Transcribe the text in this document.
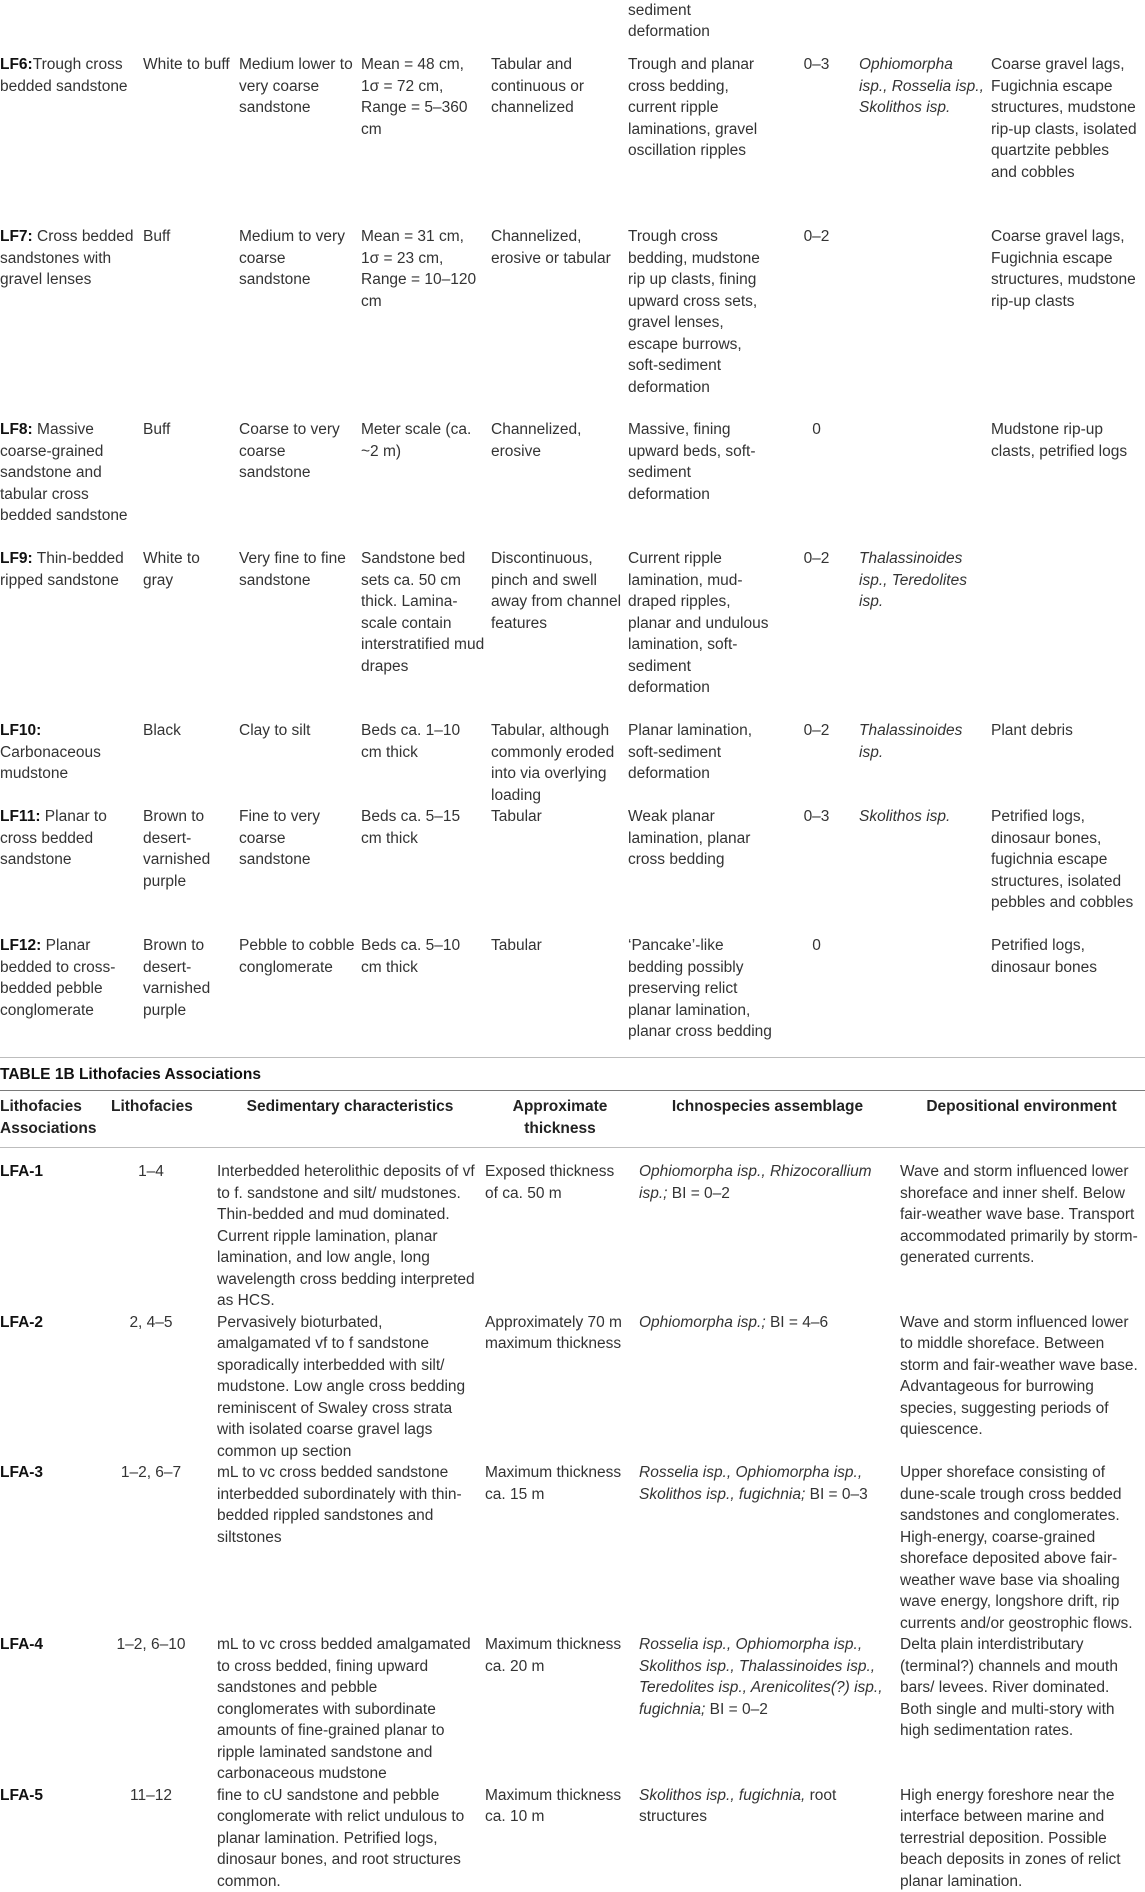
					sediment deformation			

LF6:Trough cross bedded sandstone	White to buff	Medium lower to very coarse sandstone	Mean = 48 cm, 1σ = 72 cm, Range = 5–360 cm	Tabular and continuous or channelized	Trough and planar cross bedding, current ripple laminations, gravel oscillation ripples	0–3	Ophiomorpha isp., Rosselia isp., Skolithos isp.	Coarse gravel lags, Fugichnia escape structures, mudstone rip-up clasts, isolated quartzite pebbles and cobbles

LF7: Cross bedded sandstones with gravel lenses	Buff	Medium to very coarse sandstone	Mean = 31 cm, 1σ = 23 cm, Range = 10–120 cm	Channelized, erosive or tabular	Trough cross bedding, mudstone rip up clasts, fining upward cross sets, gravel lenses, escape burrows, soft-sediment deformation	0–2		Coarse gravel lags, Fugichnia escape structures, mudstone rip-up clasts

LF8: Massive coarse-grained sandstone and tabular cross bedded sandstone	Buff	Coarse to very coarse sandstone	Meter scale (ca. ~2 m)	Channelized, erosive	Massive, fining upward beds, soft-sediment deformation	0		Mudstone rip-up clasts, petrified logs

LF9: Thin-bedded ripped sandstone	White to gray	Very fine to fine sandstone	Sandstone bed sets ca. 50 cm thick. Lamina-scale contain interstratified mud drapes	Discontinuous, pinch and swell away from channel features	Current ripple lamination, mud-draped ripples, planar and undulous lamination, soft-sediment deformation	0–2	Thalassinoides isp., Teredolites isp.	

LF10:
Carbonaceous mudstone	Black	Clay to silt	Beds ca. 1–10 cm thick	Tabular, although commonly eroded into via overlying loading	Planar lamination, soft-sediment deformation	0–2	Thalassinoides isp.	Plant debris

LF11: Planar to cross bedded sandstone	Brown to desert-varnished purple	Fine to very coarse sandstone	Beds ca. 5–15 cm thick	Tabular	Weak planar lamination, planar cross bedding	0–3	Skolithos isp.	Petrified logs, dinosaur bones, fugichnia escape structures, isolated pebbles and cobbles

LF12: Planar bedded to cross-bedded pebble conglomerate	Brown to desert-varnished purple	Pebble to cobble conglomerate	Beds ca. 5–10 cm thick	Tabular	‘Pancake’-like bedding possibly preserving relict planar lamination, planar cross bedding	0		Petrified logs, dinosaur bones
TABLE 1B Lithofacies Associations
Lithofacies Associations	Lithofacies	Sedimentary characteristics	Approximate thickness	Ichnospecies assemblage	Depositional environment
LFA-1	1–4	Interbedded heterolithic deposits of vf to f. sandstone and silt/ mudstones. Thin-bedded and mud dominated. Current ripple lamination, planar lamination, and low angle, long wavelength cross bedding interpreted as HCS.	Exposed thickness of ca. 50 m	Ophiomorpha isp., Rhizocorallium isp.; BI = 0–2	Wave and storm influenced lower shoreface and inner shelf. Below fair-weather wave base. Transport accommodated primarily by storm-generated currents.
LFA-2	2, 4–5	Pervasively bioturbated, amalgamated vf to f sandstone sporadically interbedded with silt/ mudstone. Low angle cross bedding reminiscent of Swaley cross strata with isolated coarse gravel lags common up section	Approximately 70 m maximum thickness	Ophiomorpha isp.; BI = 4–6	Wave and storm influenced lower to middle shoreface. Between storm and fair-weather wave base. Advantageous for burrowing species, suggesting periods of quiescence.
LFA-3	1–2, 6–7	mL to vc cross bedded sandstone interbedded subordinately with thin-bedded rippled sandstones and siltstones	Maximum thickness ca. 15 m	Rosselia isp., Ophiomorpha isp., Skolithos isp., fugichnia; BI = 0–3	Upper shoreface consisting of dune-scale trough cross bedded sandstones and conglomerates. High-energy, coarse-grained shoreface deposited above fair-weather wave base via shoaling wave energy, longshore drift, rip currents and/or geostrophic flows.
LFA-4	1–2, 6–10	mL to vc cross bedded amalgamated to cross bedded, fining upward sandstones and pebble conglomerates with subordinate amounts of fine-grained planar to ripple laminated sandstone and carbonaceous mudstone	Maximum thickness ca. 20 m	Rosselia isp., Ophiomorpha isp., Skolithos isp., Thalassinoides isp., Teredolites isp., Arenicolites(?) isp., fugichnia; BI = 0–2	Delta plain interdistributary (terminal?) channels and mouth bars/ levees. River dominated. Both single and multi-story with high sedimentation rates.
LFA-5	11–12	fine to cU sandstone and pebble conglomerate with relict undulous to planar lamination. Petrified logs, dinosaur bones, and root structures common.	Maximum thickness ca. 10 m	Skolithos isp., fugichnia, root structures	High energy foreshore near the interface between marine and terrestrial deposition. Possible beach deposits in zones of relict planar lamination.
